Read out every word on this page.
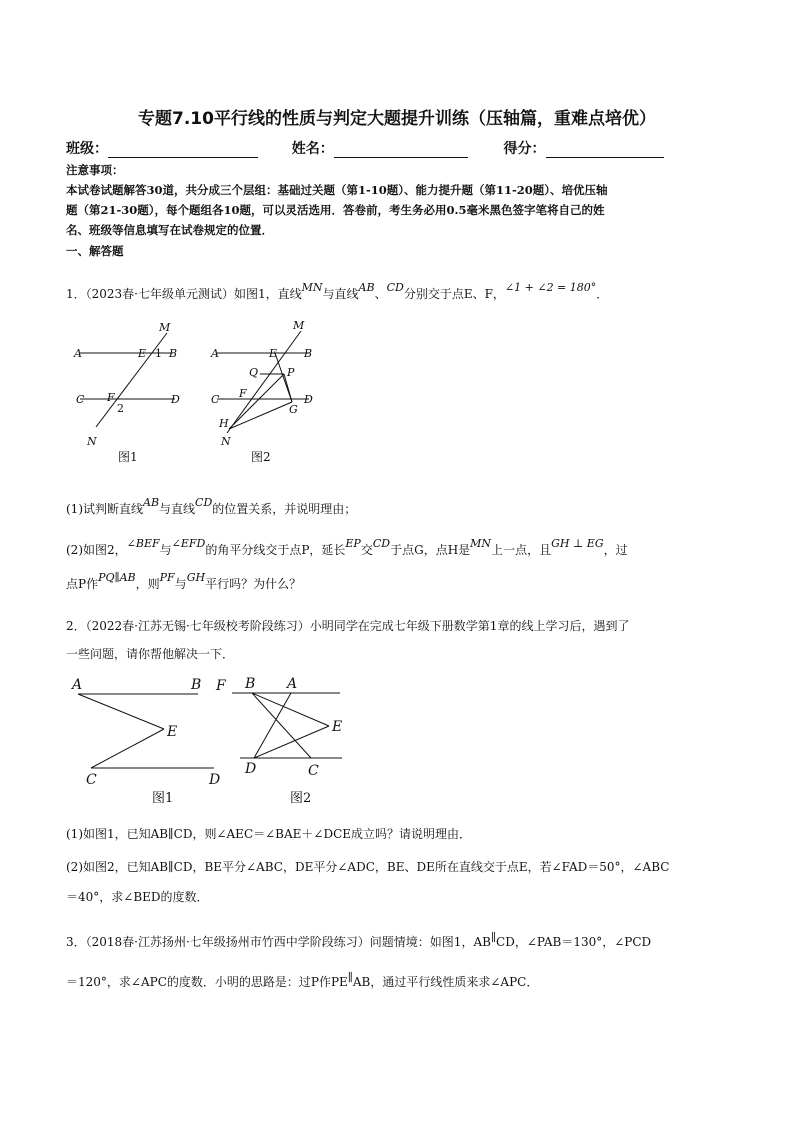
专题7.10平行线的性质与判定大题提升训练（压轴篇，重难点培优）
班级：	姓名：	得分：
注意事项：
本试卷试题解答30道，共分成三个层组：基础过关题（第1-10题）、能力提升题（第11-20题）、培优压轴
题（第21-30题），每个题组各10题，可以灵活选用．答卷前，考生务必用0.5毫米黑色签字笔将自己的姓
名、班级等信息填写在试卷规定的位置．
一、解答题
1．（2023春·七年级单元测试）如图1，直线MN与直线AB、CD分别交于点E、F，∠1 + ∠2 = 180°．
M
A	E 1 B
C F	D
2
N
图1
M
A	E B
Q	P
C F	D
G
H
N
图2
(1)试判断直线AB与直线CD的位置关系，并说明理由；
(2)如图2，∠BEF与∠EFD的角平分线交于点P，延长EP交CD于点G，点H是MN上一点，且GH ⊥ EG，过
点P作PQ∥AB，则PF与GH平行吗？为什么？
2．（2022春·江苏无锡·七年级校考阶段练习）小明同学在完成七年级下册数学第1章的线上学习后，遇到了
一些问题，请你帮他解决一下．
A	B
E
C	D
图1
F B A
E
D	C
图2
(1)如图1，已知AB∥CD，则∠AEC＝∠BAE＋∠DCE成立吗？请说明理由．
(2)如图2，已知AB∥CD，BE平分∠ABC，DE平分∠ADC，BE、DE所在直线交于点E，若∠FAD＝50°，∠ABC
＝40°，求∠BED的度数．
3．（2018春·江苏扬州·七年级扬州市竹西中学阶段练习）问题情境：如图1，AB∥CD，∠PAB＝130°，∠PCD
＝120°，求∠APC的度数．小明的思路是：过P作PE∥AB，通过平行线性质来求∠APC．
